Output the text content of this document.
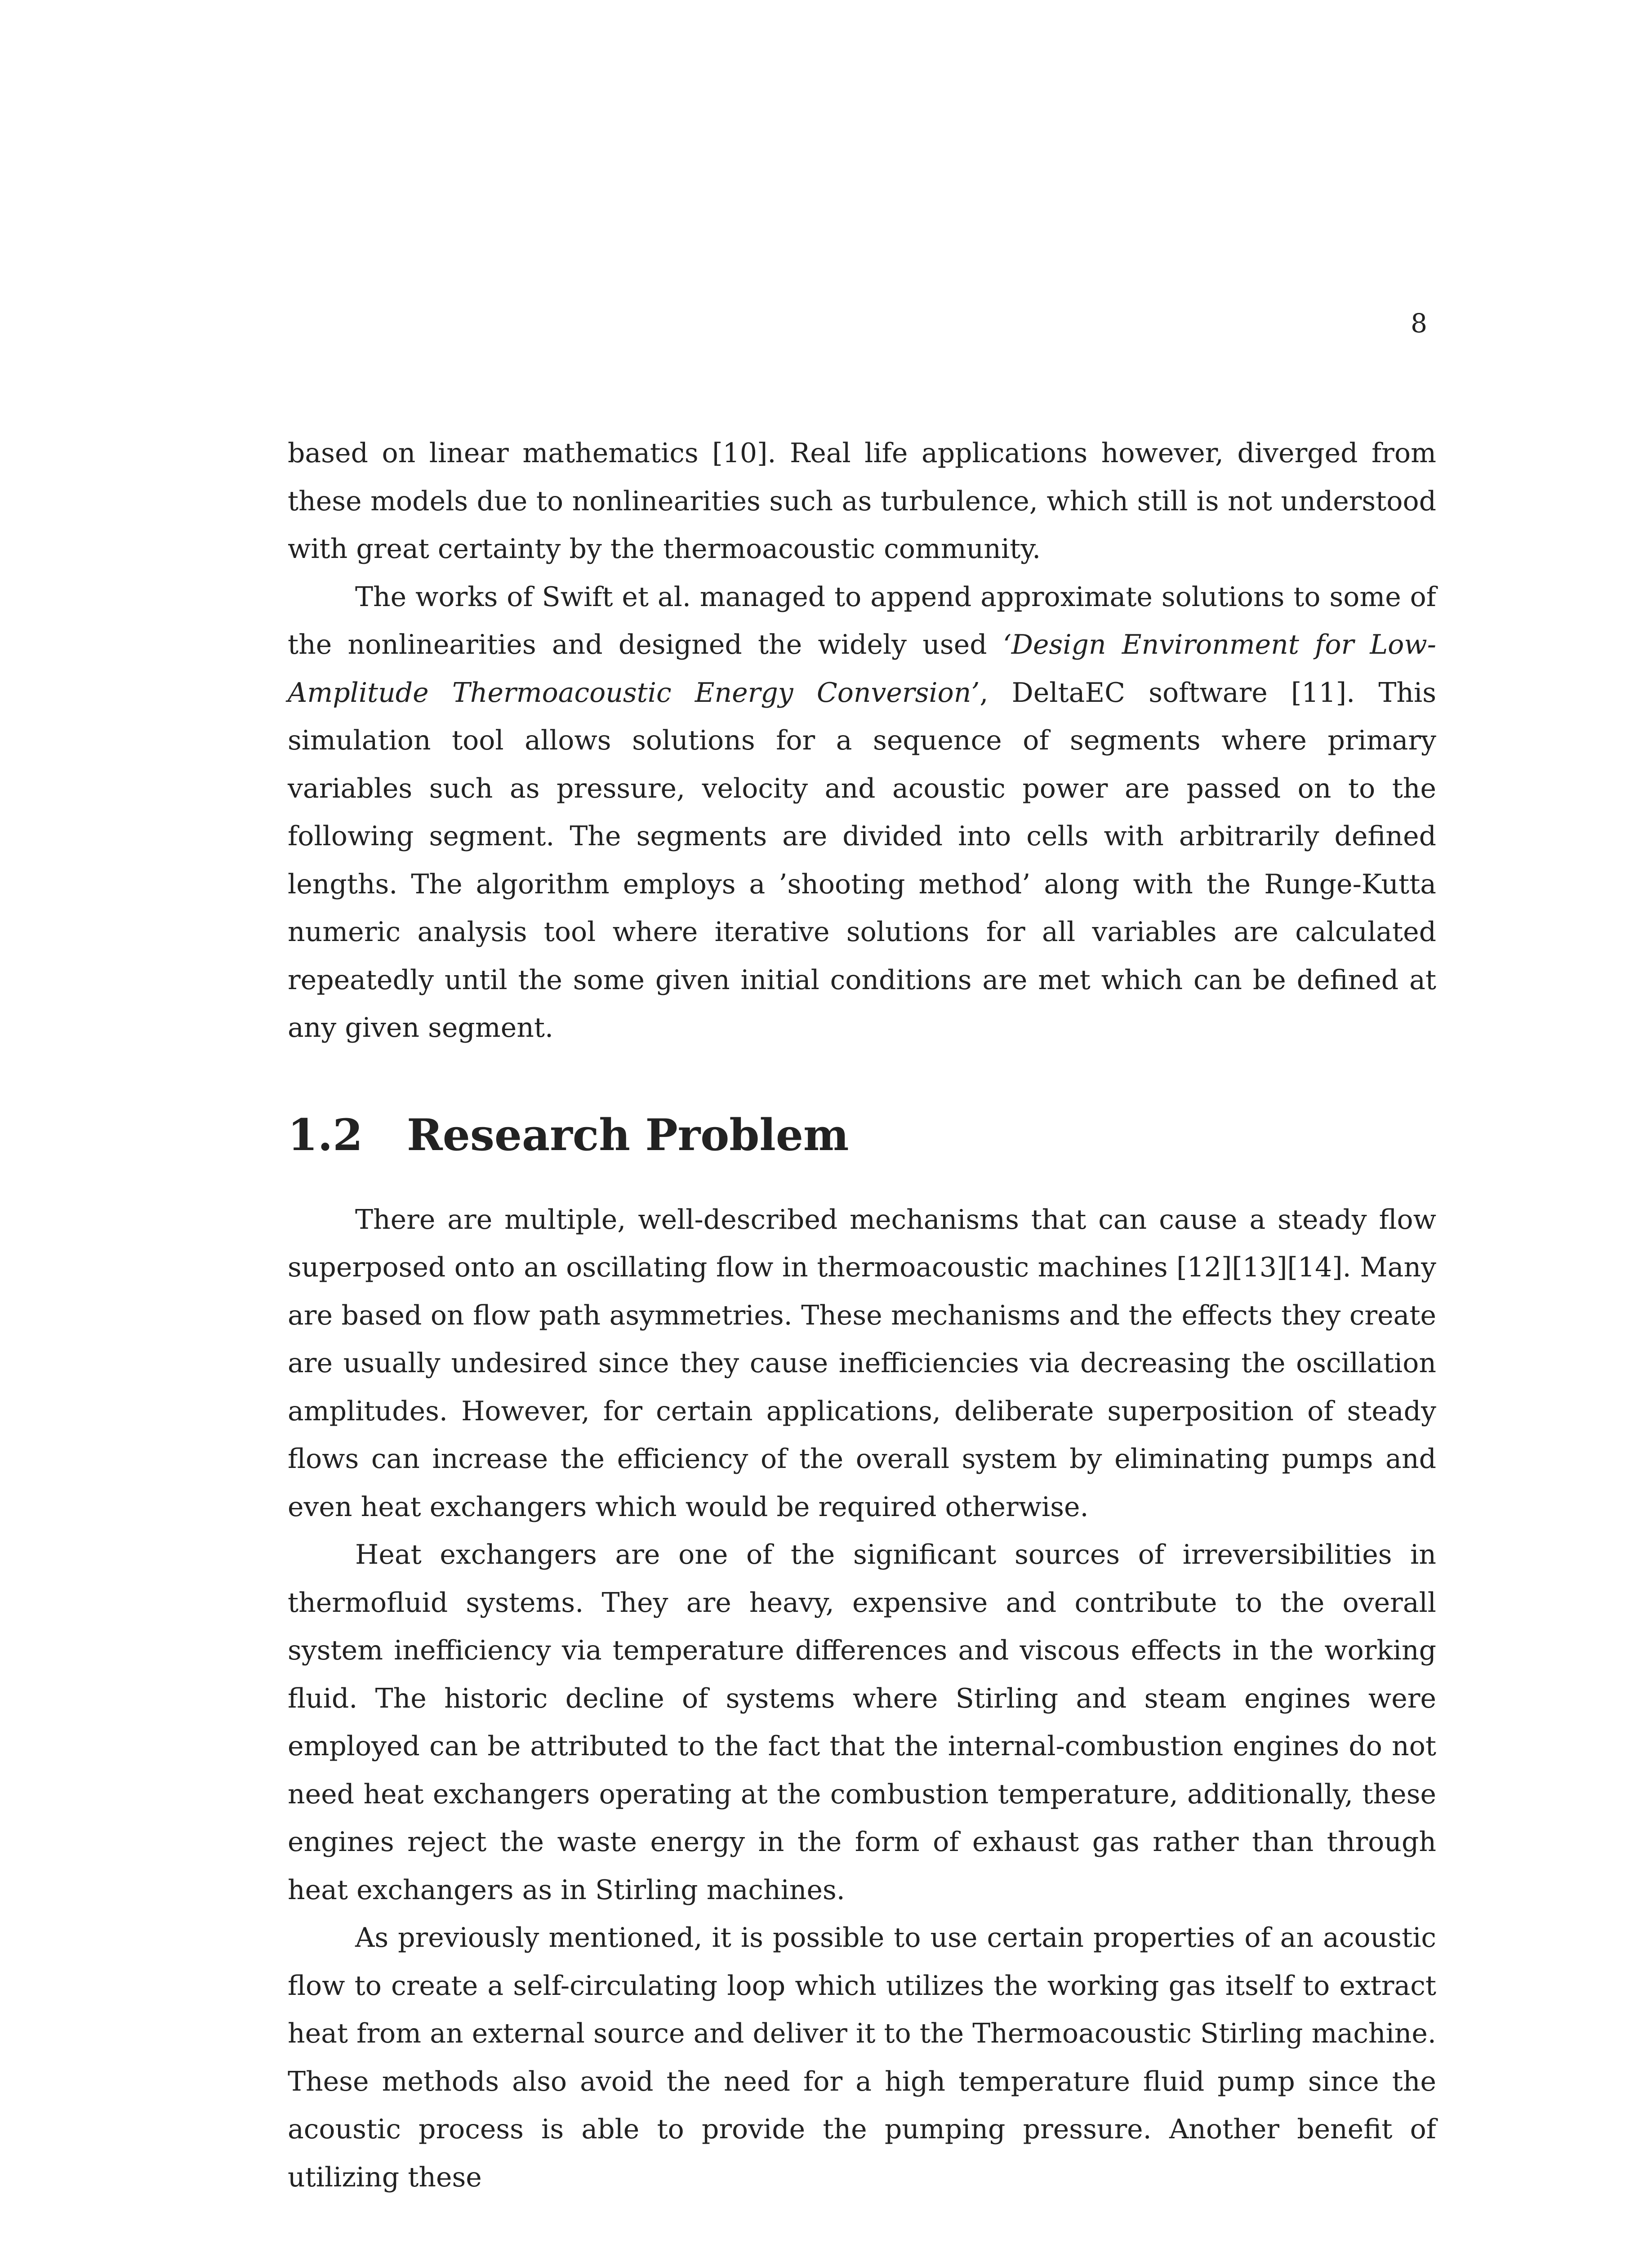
8

based on linear mathematics [10]. Real life applications however, diverged from these models due to nonlinearities such as turbulence, which still is not understood with great certainty by the thermoacoustic community.

The works of Swift et al. managed to append approximate solutions to some of the nonlinearities and designed the widely used ‘Design Environment for Low-Amplitude Thermoacoustic Energy Conversion’, DeltaEC software [11]. This simulation tool allows solutions for a sequence of segments where primary variables such as pressure, velocity and acoustic power are passed on to the following segment. The segments are divided into cells with arbitrarily defined lengths. The algorithm employs a ’shooting method’ along with the Runge-Kutta numeric analysis tool where iterative solutions for all variables are calculated repeatedly until the some given initial conditions are met which can be defined at any given segment.

1.2	Research Problem

There are multiple, well-described mechanisms that can cause a steady flow superposed onto an oscillating flow in thermoacoustic machines [12][13][14]. Many are based on flow path asymmetries. These mechanisms and the effects they create are usually undesired since they cause inefficiencies via decreasing the oscillation amplitudes. However, for certain applications, deliberate superposition of steady flows can increase the efficiency of the overall system by eliminating pumps and even heat exchangers which would be required otherwise.

Heat exchangers are one of the significant sources of irreversibilities in thermofluid systems. They are heavy, expensive and contribute to the overall system inefficiency via temperature differences and viscous effects in the working fluid. The historic decline of systems where Stirling and steam engines were employed can be attributed to the fact that the internal-combustion engines do not need heat exchangers operating at the combustion temperature, additionally, these engines reject the waste energy in the form of exhaust gas rather than through heat exchangers as in Stirling machines.

As previously mentioned, it is possible to use certain properties of an acoustic flow to create a self-circulating loop which utilizes the working gas itself to extract heat from an external source and deliver it to the Thermoacoustic Stirling machine. These methods also avoid the need for a high temperature fluid pump since the acoustic process is able to provide the pumping pressure. Another benefit of utilizing these
